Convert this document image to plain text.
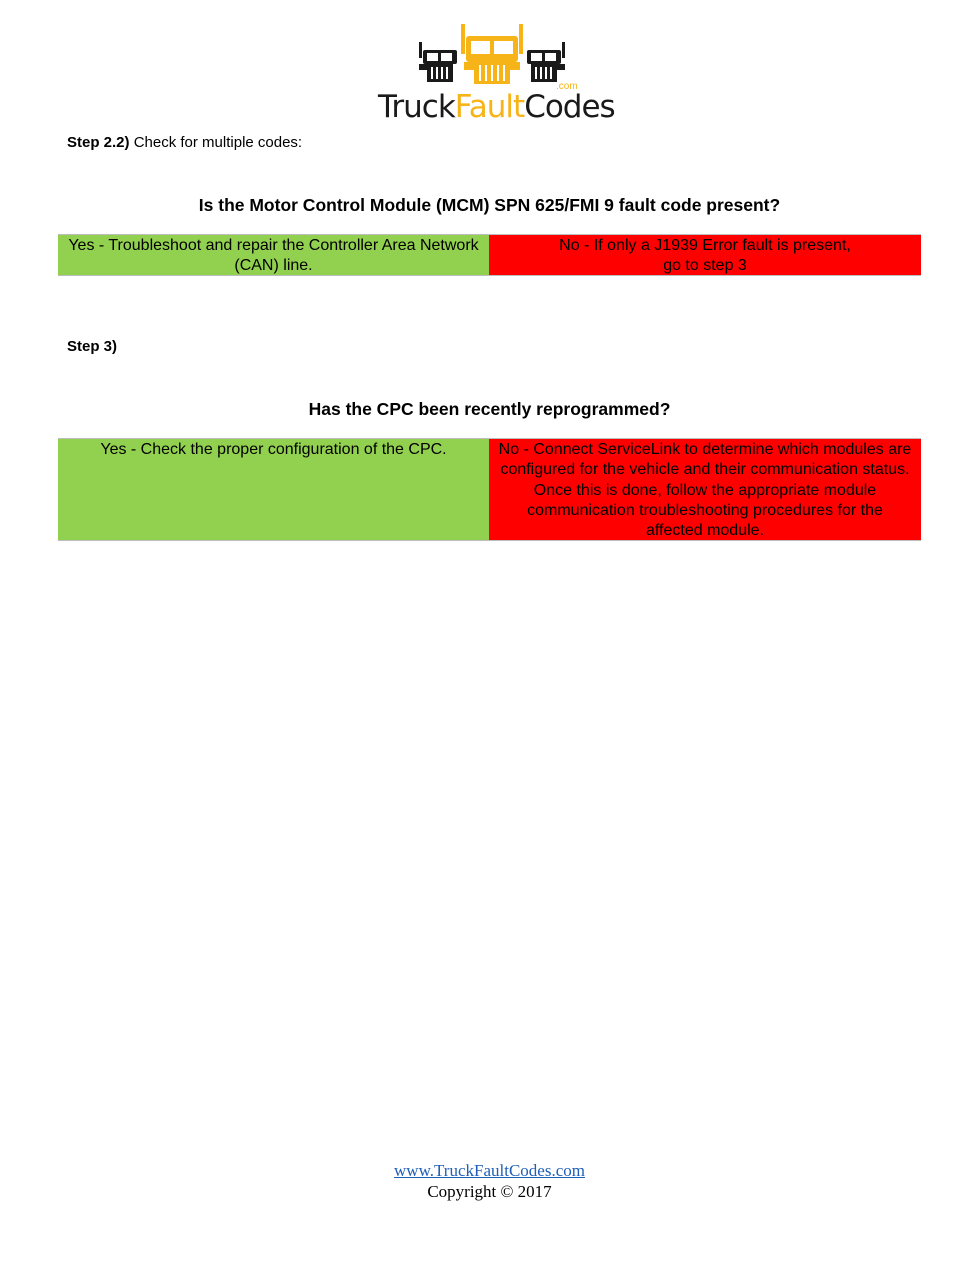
.com
TruckFaultCodes
Step 2.2) Check for multiple codes:
Is the Motor Control Module (MCM) SPN 625/FMI 9 fault code present?
Yes - Troubleshoot and repair the Controller Area Network (CAN) line.
No - If only a J1939 Error fault is present,
go to step 3
Step 3)
Has the CPC been recently reprogrammed?
Yes - Check the proper configuration of the CPC.	No - Connect ServiceLink to determine which modules are configured for the vehicle and their communication status. Once this is done, follow the appropriate module communication troubleshooting procedures for the affected module.
www.TruckFaultCodes.com
Copyright © 2017
